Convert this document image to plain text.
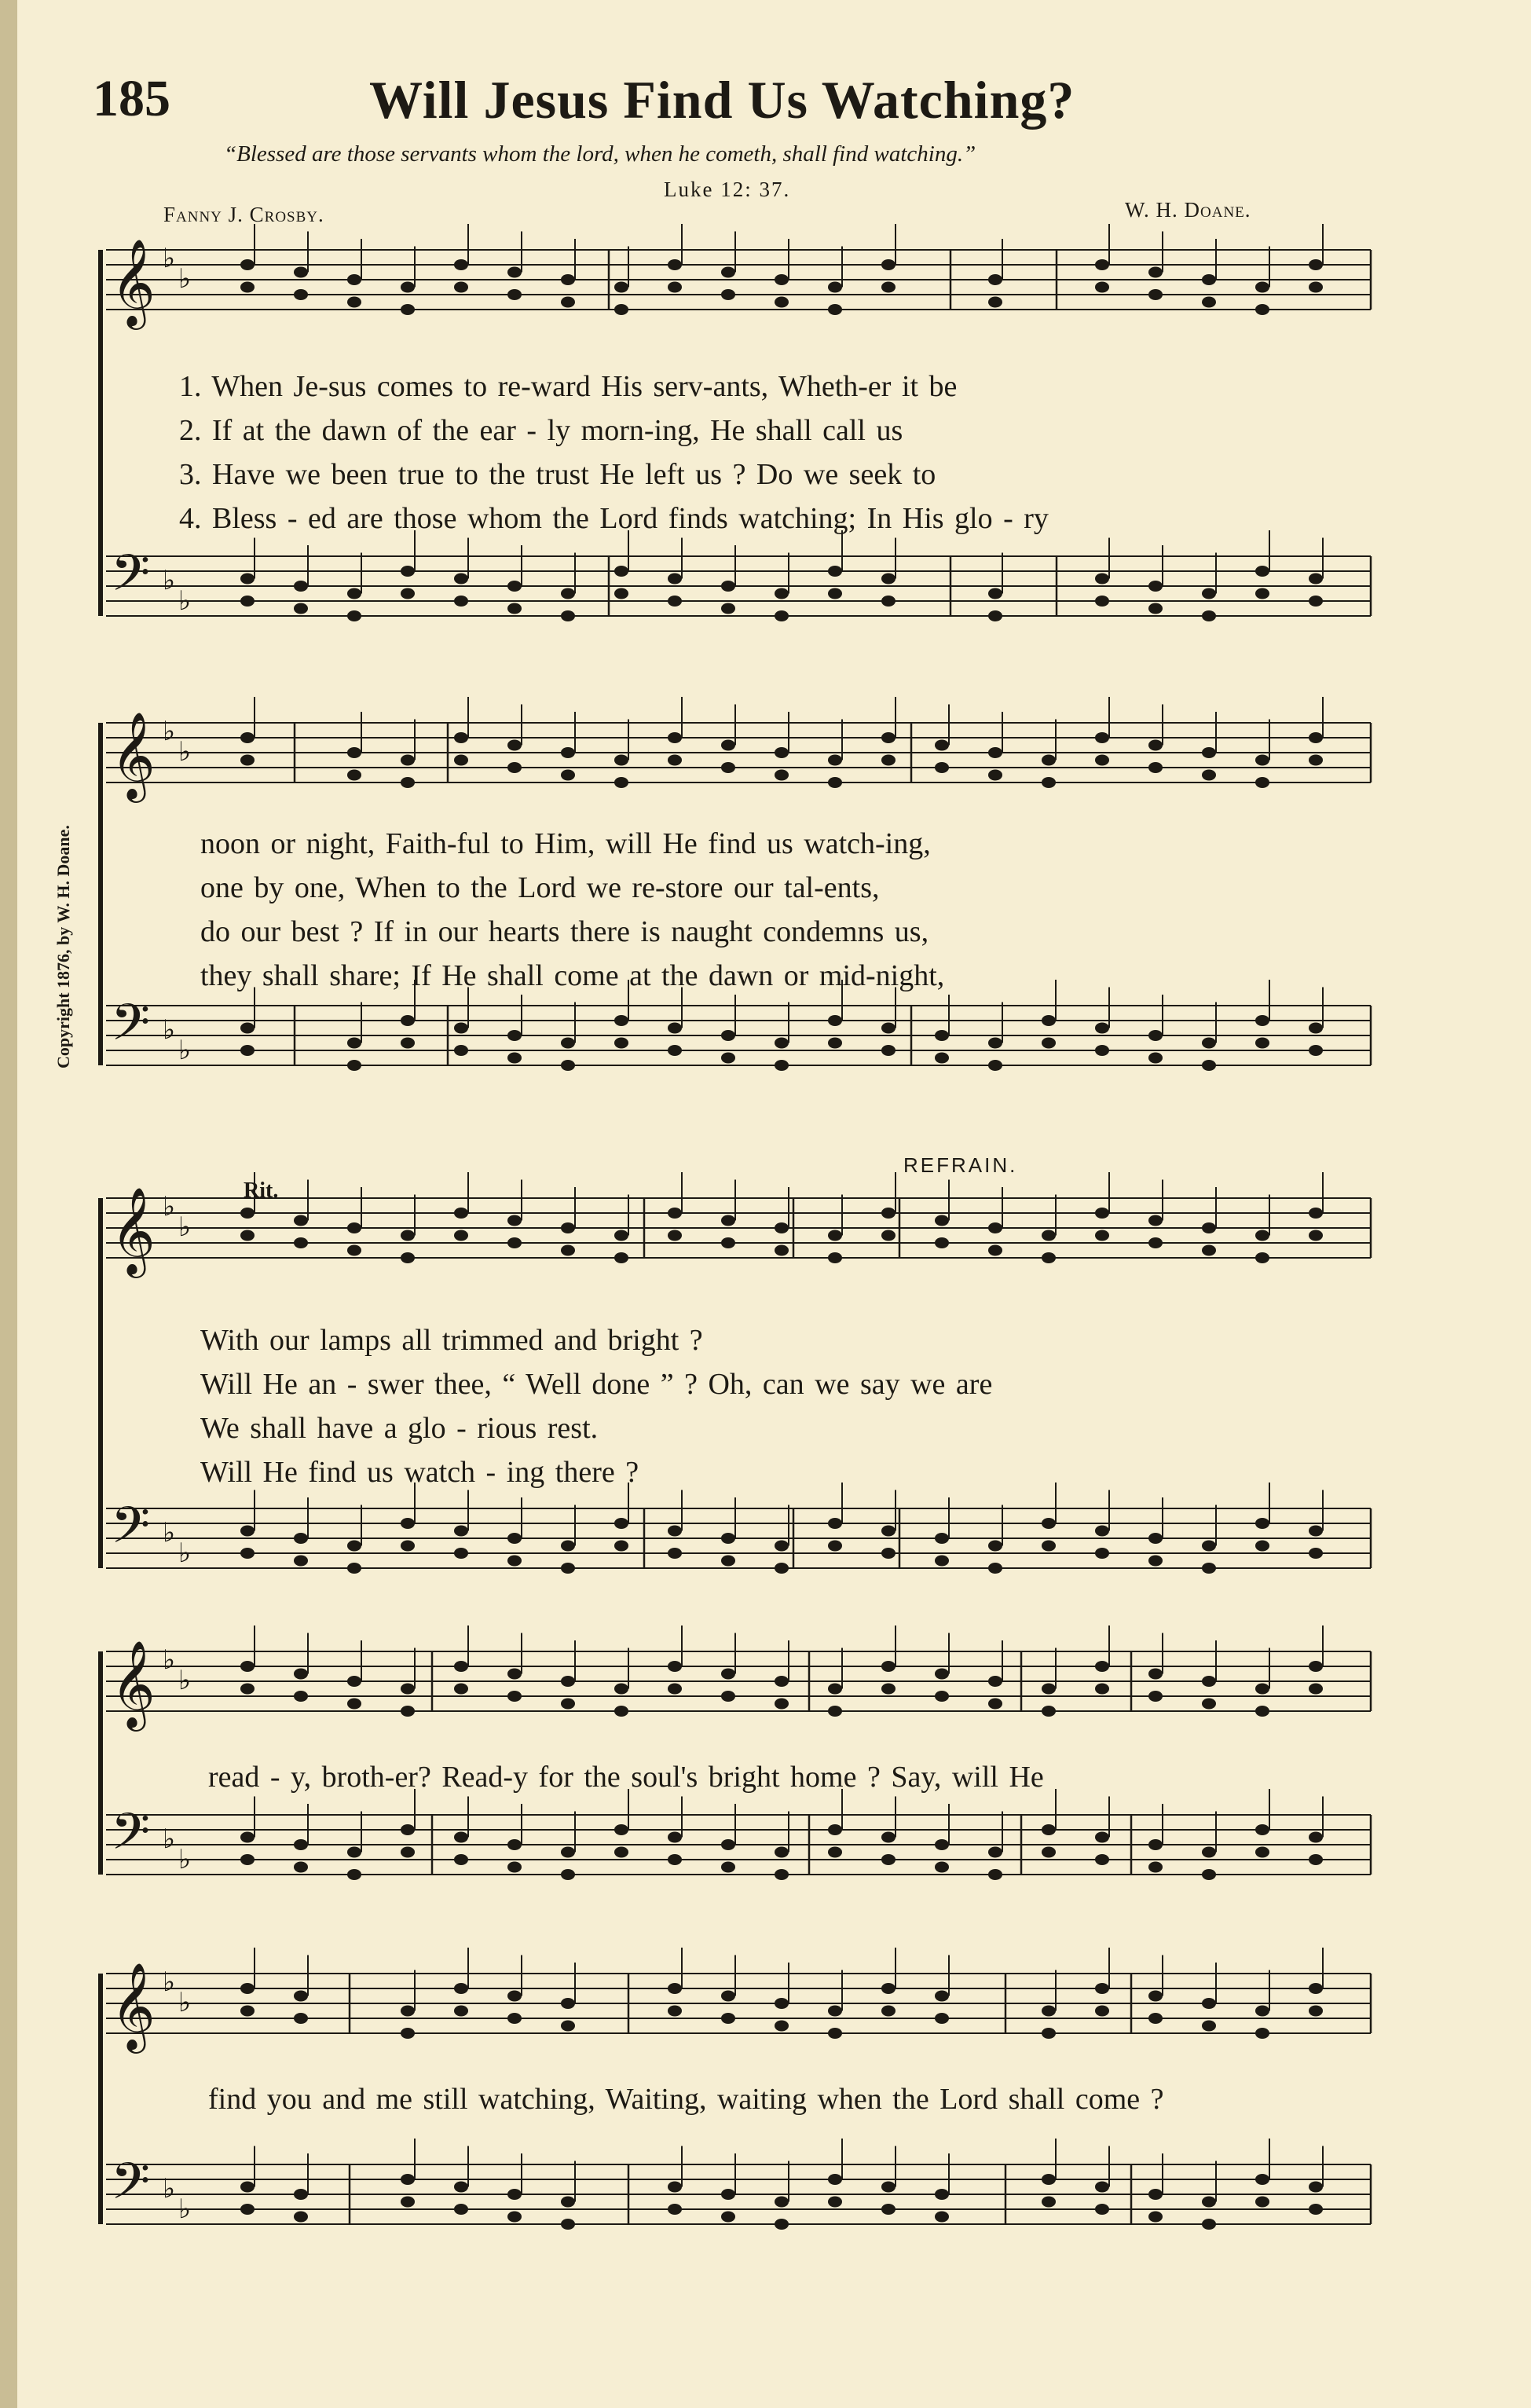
185	Will Jesus Find Us Watching?
“Blessed are those servants whom the lord, when he cometh, shall find watching.”
Luke 12: 37.
Fanny J. Crosby.	W. H. Doane.
Copyright 1876, by W. H. Doane.
REFRAIN.
Rit.
𝄞
𝄢
♭
♭
♭
♭
𝄞
𝄢
♭
♭
♭
♭
𝄞
𝄢
♭
♭
♭
♭
𝄞
𝄢
♭
♭
♭
♭
𝄞
𝄢
♭
♭
♭
♭
1. When Je-sus comes to re-ward His serv-ants, Wheth-er it be
2. If at the dawn of the ear - ly morn-ing, He shall call us
3. Have we been true to the trust He left us ? Do we seek to
4. Bless - ed are those whom the Lord finds watching; In His glo - ry
noon or night, Faith-ful to Him, will He find us watch-ing,
one by one, When to the Lord we re-store our tal-ents,
do our best ? If in our hearts there is naught condemns us,
they shall share; If He shall come at the dawn or mid-night,
With our lamps all trimmed and bright ?
Will He an - swer thee, “ Well done ” ? Oh, can we say we are
We shall have a glo - rious rest.
Will He find us watch - ing there ?
read - y, broth-er? Read-y for the soul's bright home ? Say, will He
find you and me still watching, Waiting, waiting when the Lord shall come ?
